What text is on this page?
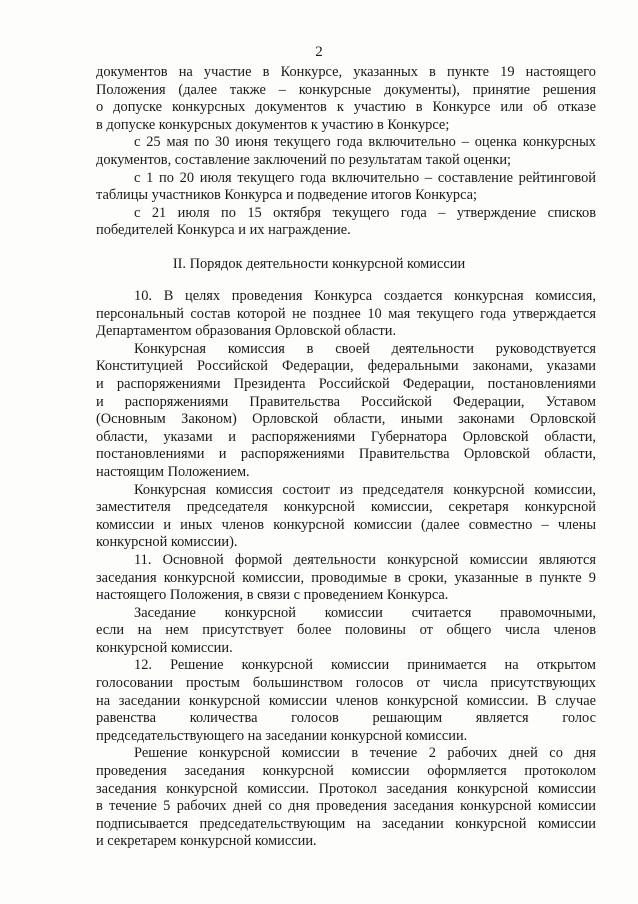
2
документов на участие в Конкурсе, указанных в пункте 19 настоящего
Положения (далее также – конкурсные документы), принятие решения
о допуске конкурсных документов к участию в Конкурсе или об отказе
в допуске конкурсных документов к участию в Конкурсе;
с 25 мая по 30 июня текущего года включительно – оценка конкурсных
документов, составление заключений по результатам такой оценки;
с 1 по 20 июля текущего года включительно – составление рейтинговой
таблицы участников Конкурса и подведение итогов Конкурса;
с 21 июля по 15 октября текущего года – утверждение списков
победителей Конкурса и их награждение.
II. Порядок деятельности конкурсной комиссии
10. В целях проведения Конкурса создается конкурсная комиссия,
персональный состав которой не позднее 10 мая текущего года утверждается
Департаментом образования Орловской области.
Конкурсная комиссия в своей деятельности руководствуется
Конституцией Российской Федерации, федеральными законами, указами
и распоряжениями Президента Российской Федерации, постановлениями
и распоряжениями Правительства Российской Федерации, Уставом
(Основным Законом) Орловской области, иными законами Орловской
области, указами и распоряжениями Губернатора Орловской области,
постановлениями и распоряжениями Правительства Орловской области,
настоящим Положением.
Конкурсная комиссия состоит из председателя конкурсной комиссии,
заместителя председателя конкурсной комиссии, секретаря конкурсной
комиссии и иных членов конкурсной комиссии (далее совместно – члены
конкурсной комиссии).
11. Основной формой деятельности конкурсной комиссии являются
заседания конкурсной комиссии, проводимые в сроки, указанные в пункте 9
настоящего Положения, в связи с проведением Конкурса.
Заседание конкурсной комиссии считается правомочными,
если на нем присутствует более половины от общего числа членов
конкурсной комиссии.
12. Решение конкурсной комиссии принимается на открытом
голосовании простым большинством голосов от числа присутствующих
на заседании конкурсной комиссии членов конкурсной комиссии. В случае
равенства количества голосов решающим является голос
председательствующего на заседании конкурсной комиссии.
Решение конкурсной комиссии в течение 2 рабочих дней со дня
проведения заседания конкурсной комиссии оформляется протоколом
заседания конкурсной комиссии. Протокол заседания конкурсной комиссии
в течение 5 рабочих дней со дня проведения заседания конкурсной комиссии
подписывается председательствующим на заседании конкурсной комиссии
и секретарем конкурсной комиссии.
